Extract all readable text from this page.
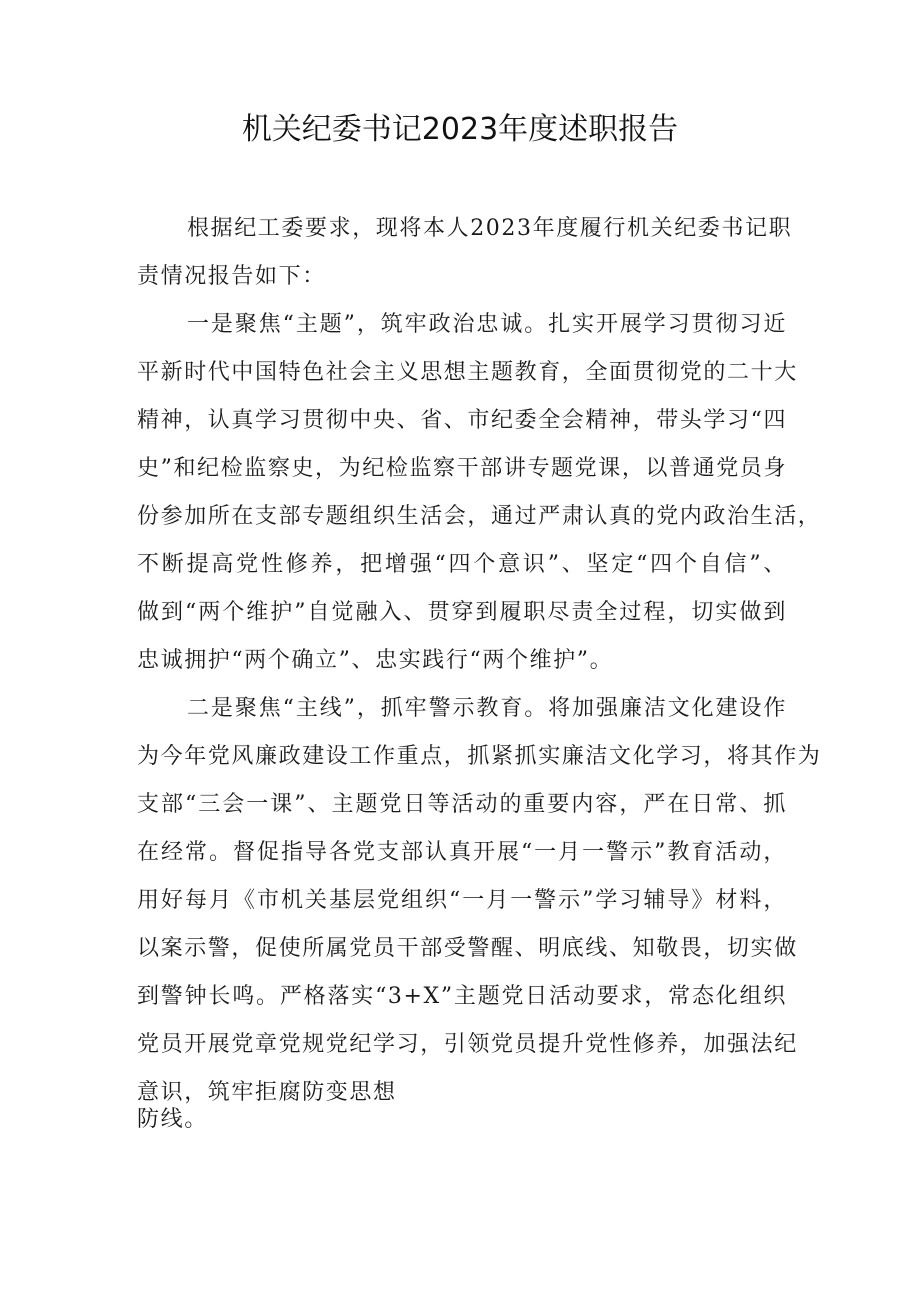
机关纪委书记2023年度述职报告
根据纪工委要求，现将本人2023年度履行机关纪委书记职
责情况报告如下：
一是聚焦“主题”，筑牢政治忠诚。扎实开展学习贯彻习近
平新时代中国特色社会主义思想主题教育，全面贯彻党的二十大
精神，认真学习贯彻中央、省、市纪委全会精神，带头学习“四
史”和纪检监察史，为纪检监察干部讲专题党课，以普通党员身
份参加所在支部专题组织生活会，通过严肃认真的党内政治生活，
不断提高党性修养，把增强“四个意识”、坚定“四个自信”、
做到“两个维护”自觉融入、贯穿到履职尽责全过程，切实做到
忠诚拥护“两个确立”、忠实践行“两个维护”。
二是聚焦“主线”，抓牢警示教育。将加强廉洁文化建设作
为今年党风廉政建设工作重点，抓紧抓实廉洁文化学习，将其作为
支部“三会一课”、主题党日等活动的重要内容，严在日常、抓
在经常。督促指导各党支部认真开展“一月一警示”教育活动，
用好每月《市机关基层党组织“一月一警示”学习辅导》材料，
以案示警，促使所属党员干部受警醒、明底线、知敬畏，切实做
到警钟长鸣。严格落实“3+X”主题党日活动要求，常态化组织
党员开展党章党规党纪学习，引领党员提升党性修养，加强法纪
意识，筑牢拒腐防变思想
防线。
